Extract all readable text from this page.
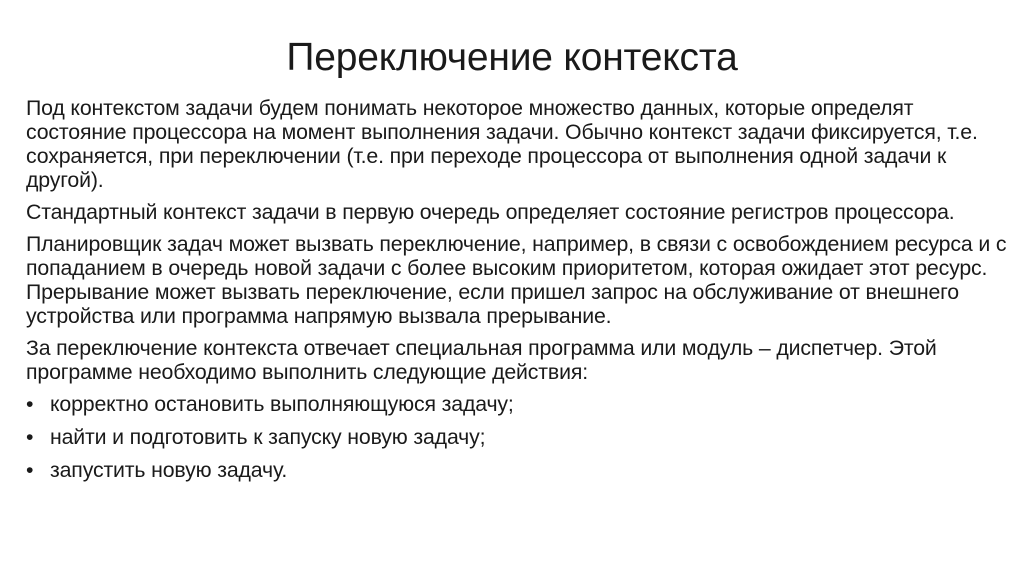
Переключение контекста

Под контекстом задачи будем понимать некоторое множество данных, которые определят состояние процессора на момент выполнения задачи. Обычно контекст задачи фиксируется, т.е. сохраняется, при переключении (т.е. при переходе процессора от выполнения одной задачи к другой).

Стандартный контекст задачи в первую очередь определяет состояние регистров процессора.

Планировщик задач может вызвать переключение, например, в связи с освобождением ресурса и с попаданием в очередь новой задачи с более высоким приоритетом, которая ожидает этот ресурс. Прерывание может вызвать переключение, если пришел запрос на обслуживание от внешнего устройства или программа напрямую вызвала прерывание.

За переключение контекста отвечает специальная программа или модуль – диспетчер. Этой программе необходимо выполнить следующие действия:

• корректно остановить выполняющуюся задачу;
• найти и подготовить к запуску новую задачу;
• запустить новую задачу.
